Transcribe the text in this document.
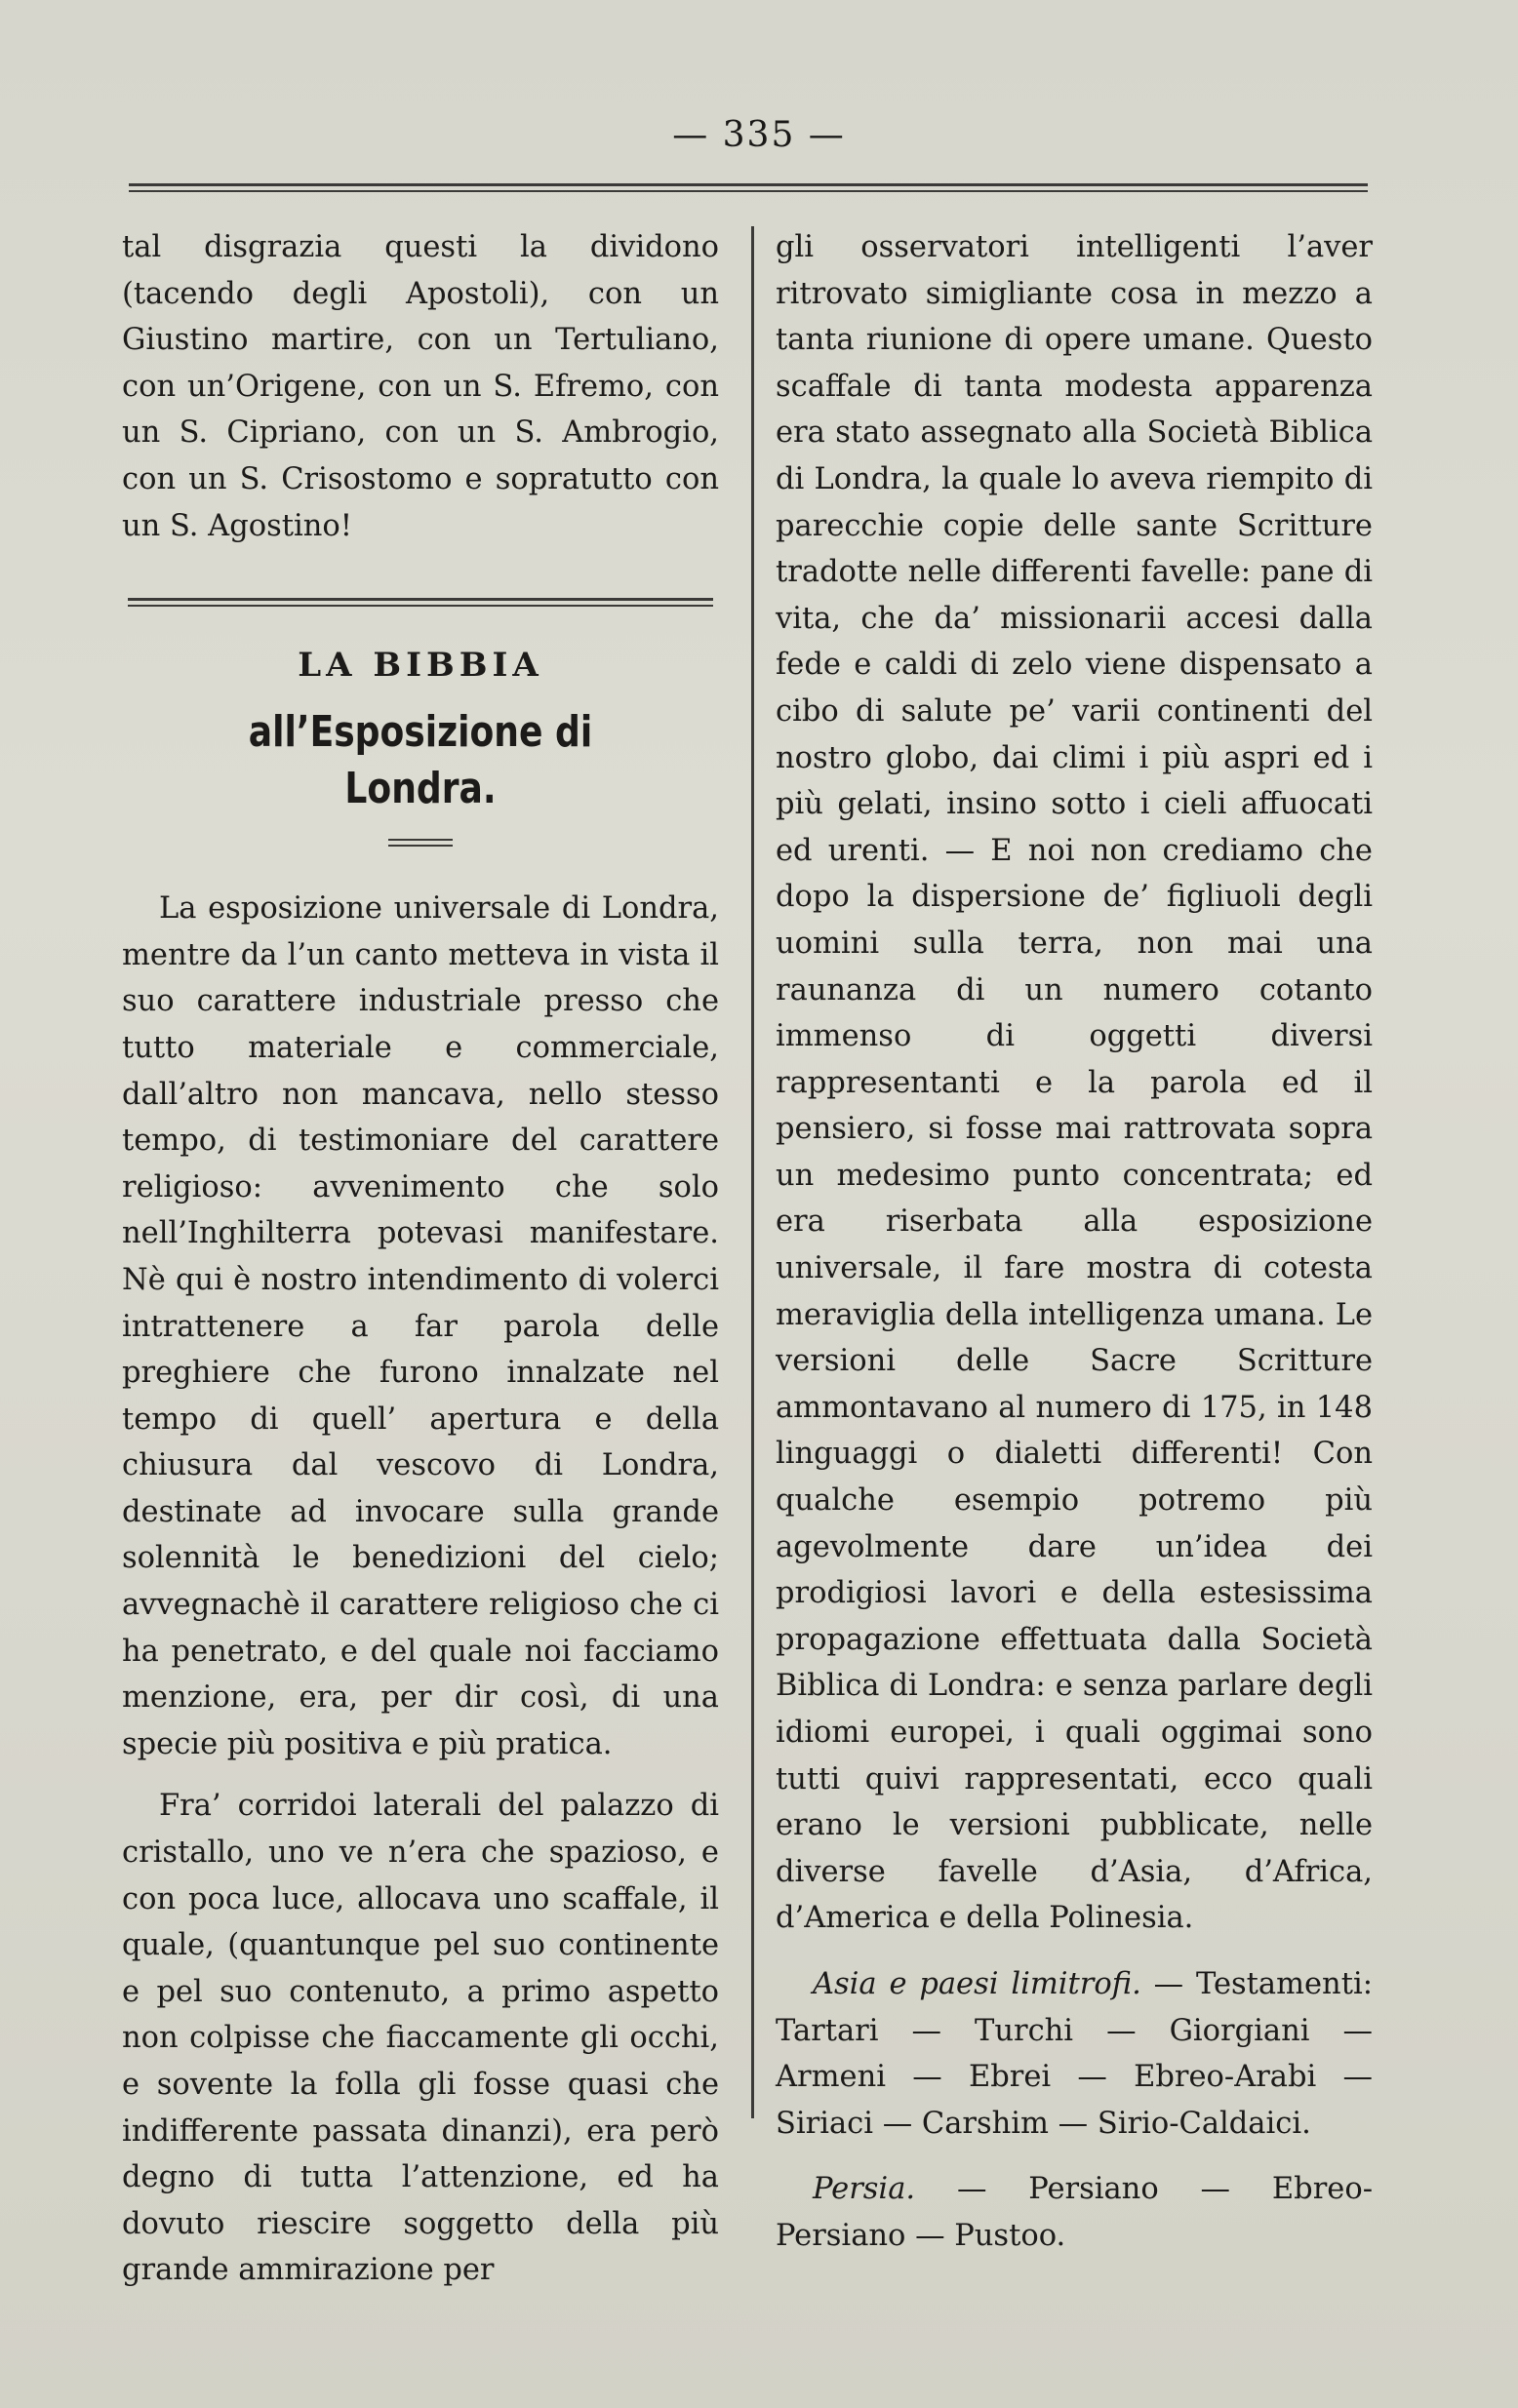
— 335 —

tal disgrazia questi la dividono (tacendo degli Apostoli), con un Giustino martire, con un Tertuliano, con un’Origene, con un S. Efremo, con un S. Cipriano, con un S. Ambrogio, con un S. Crisostomo e sopratutto con un S. Agostino!

LA BIBBIA
all’Esposizione di Londra.

La esposizione universale di Londra, mentre da l’un canto metteva in vista il suo carattere industriale presso che tutto materiale e commerciale, dall’altro non mancava, nello stesso tempo, di testimoniare del carattere religioso: avvenimento che solo nell’Inghilterra potevasi manifestare. Nè qui è nostro intendimento di volerci intrattenere a far parola delle preghiere che furono innalzate nel tempo di quell’ apertura e della chiusura dal vescovo di Londra, destinate ad invocare sulla grande solennità le benedizioni del cielo; avvegnachè il carattere religioso che ci ha penetrato, e del quale noi facciamo menzione, era, per dir così, di una specie più positiva e più pratica.

Fra’ corridoi laterali del palazzo di cristallo, uno ve n’era che spazioso, e con poca luce, allocava uno scaffale, il quale, (quantunque pel suo continente e pel suo contenuto, a primo aspetto non colpisse che fiaccamente gli occhi, e sovente la folla gli fosse quasi che indifferente passata dinanzi), era però degno di tutta l’attenzione, ed ha dovuto riescire soggetto della più grande ammirazione per

gli osservatori intelligenti l’aver ritrovato simigliante cosa in mezzo a tanta riunione di opere umane. Questo scaffale di tanta modesta apparenza era stato assegnato alla Società Biblica di Londra, la quale lo aveva riempito di parecchie copie delle sante Scritture tradotte nelle differenti favelle: pane di vita, che da’ missionarii accesi dalla fede e caldi di zelo viene dispensato a cibo di salute pe’ varii continenti del nostro globo, dai climi i più aspri ed i più gelati, insino sotto i cieli affuocati ed urenti. — E noi non crediamo che dopo la dispersione de’ figliuoli degli uomini sulla terra, non mai una raunanza di un numero cotanto immenso di oggetti diversi rappresentanti e la parola ed il pensiero, si fosse mai rattrovata sopra un medesimo punto concentrata; ed era riserbata alla esposizione universale, il fare mostra di cotesta meraviglia della intelligenza umana. Le versioni delle Sacre Scritture ammontavano al numero di 175, in 148 linguaggi o dialetti differenti! Con qualche esempio potremo più agevolmente dare un’idea dei prodigiosi lavori e della estesissima propagazione effettuata dalla Società Biblica di Londra: e senza parlare degli idiomi europei, i quali oggimai sono tutti quivi rappresentati, ecco quali erano le versioni pubblicate, nelle diverse favelle d’Asia, d’Africa, d’America e della Polinesia.

Asia e paesi limitrofi. — Testamenti: Tartari — Turchi — Giorgiani — Armeni — Ebrei — Ebreo-Arabi — Siriaci — Carshim — Sirio-Caldaici.

Persia. — Persiano — Ebreo-Persiano — Pustoo.
